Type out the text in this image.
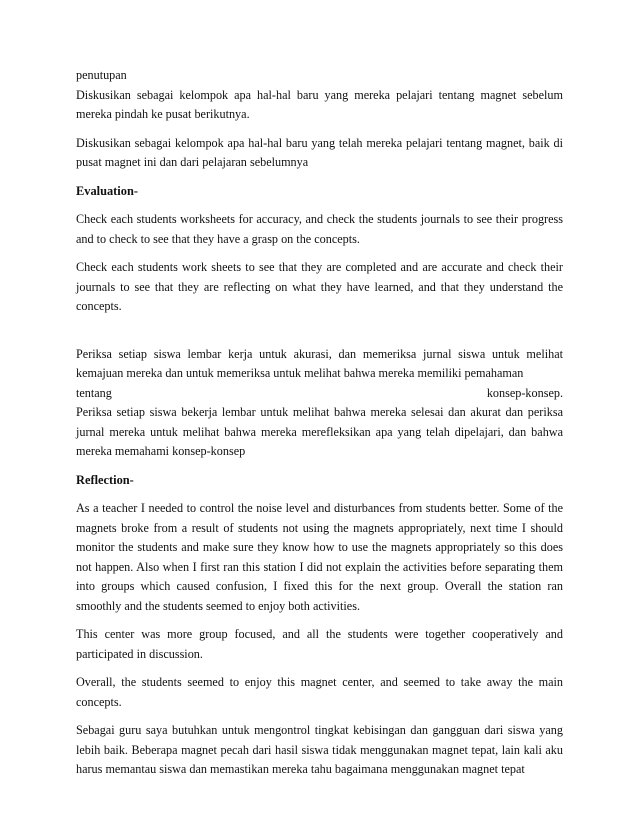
penutupan

Diskusikan sebagai kelompok apa hal-hal baru yang mereka pelajari tentang magnet sebelum mereka pindah ke pusat berikutnya.

Diskusikan sebagai kelompok apa hal-hal baru yang telah mereka pelajari tentang magnet, baik di pusat magnet ini dan dari pelajaran sebelumnya

Evaluation-

Check each students worksheets for accuracy, and check the students journals to see their progress and to check to see that they have a grasp on the concepts.

Check each students work sheets to see that they are completed and are accurate and check their journals to see that they are reflecting on what they have learned, and that they understand the concepts.

Periksa setiap siswa lembar kerja untuk akurasi, dan memeriksa jurnal siswa untuk melihat kemajuan mereka dan untuk memeriksa untuk melihat bahwa mereka memiliki pemahaman

tentang	konsep-konsep.

Periksa setiap siswa bekerja lembar untuk melihat bahwa mereka selesai dan akurat dan periksa jurnal mereka untuk melihat bahwa mereka merefleksikan apa yang telah dipelajari, dan bahwa mereka memahami konsep-konsep

Reflection-

As a teacher I needed to control the noise level and disturbances from students better. Some of the magnets broke from a result of students not using the magnets appropriately, next time I should monitor the students and make sure they know how to use the magnets appropriately so this does not happen. Also when I first ran this station I did not explain the activities before separating them into groups which caused confusion, I fixed this for the next group. Overall the station ran smoothly and the students seemed to enjoy both activities.

This center was more group focused, and all the students were together cooperatively and participated in discussion.

Overall, the students seemed to enjoy this magnet center, and seemed to take away the main concepts.

Sebagai guru saya butuhkan untuk mengontrol tingkat kebisingan dan gangguan dari siswa yang lebih baik. Beberapa magnet pecah dari hasil siswa tidak menggunakan magnet tepat, lain kali aku harus memantau siswa dan memastikan mereka tahu bagaimana menggunakan magnet tepat
